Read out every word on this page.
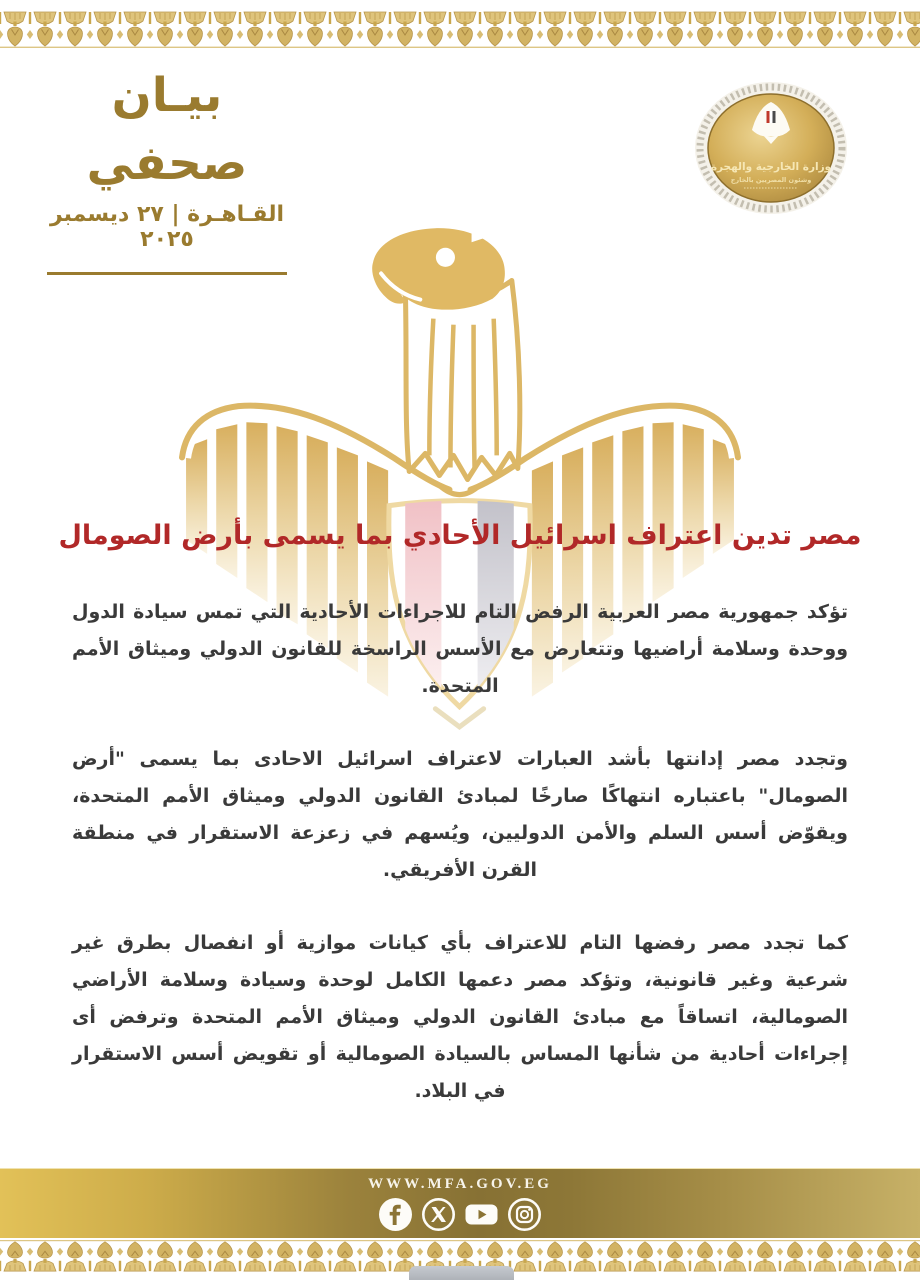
بيـان صحفي
القـاهـرة | ٢٧ ديسمبر ٢٠٢٥
وزارة الخارجية والهجرة
وشئون المصريين بالخارج
مصر تدين اعتراف اسرائيل الأحادي بما يسمى بأرض الصومال

تؤكد جمهورية مصر العربية الرفض التام للاجراءات الأحادية التي تمس سيادة الدول ووحدة وسلامة أراضيها وتتعارض مع الأسس الراسخة للقانون الدولي وميثاق الأمم المتحدة.

وتجدد مصر إدانتها بأشد العبارات لاعتراف اسرائيل الاحادى بما يسمى "أرض الصومال" باعتباره انتهاكًا صارخًا لمبادئ القانون الدولي وميثاق الأمم المتحدة، ويقوّض أسس السلم والأمن الدوليين، ويُسهم في زعزعة الاستقرار في منطقة القرن الأفريقي.

كما تجدد مصر رفضها التام للاعتراف بأي كيانات موازية أو انفصال بطرق غير شرعية وغير قانونية، وتؤكد مصر دعمها الكامل لوحدة وسيادة وسلامة الأراضي الصومالية، اتساقاً مع مبادئ القانون الدولي وميثاق الأمم المتحدة وترفض أى إجراءات أحادية من شأنها المساس بالسيادة الصومالية أو تقويض أسس الاستقرار في البلاد.

WWW.MFA.GOV.EG
